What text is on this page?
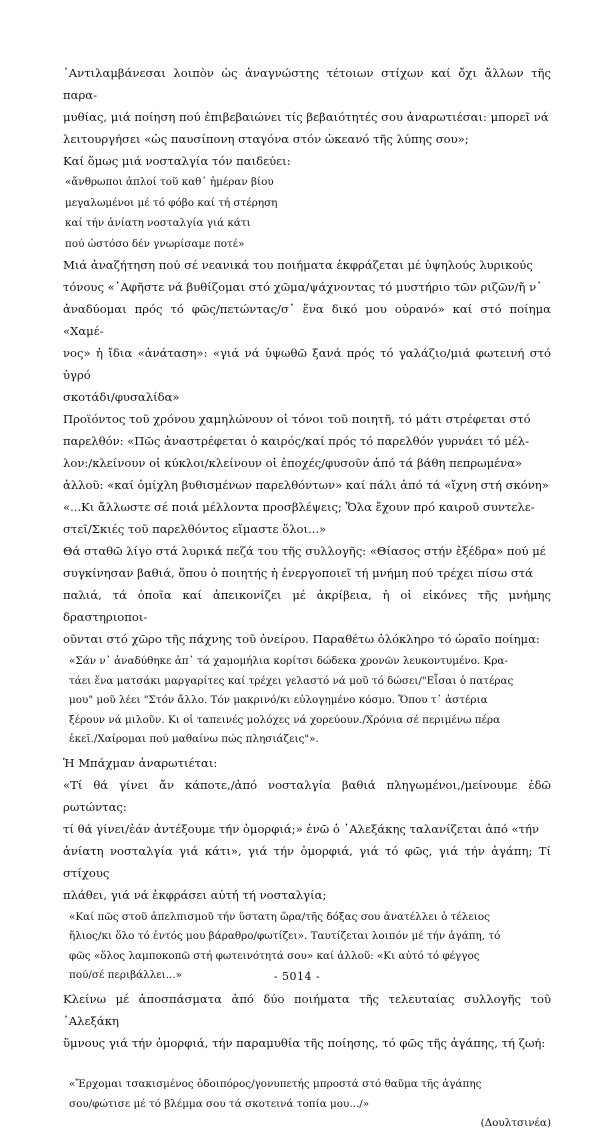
᾿Αντιλαμβάνεσαι λοιπὸν ὡς ἀναγνώστης τέτοιων στίχων καί ὄχι ἄλλων τῆς παρα-
μυθίας, μιά ποίηση πού ἐπιβεβαιώνει τίς βεβαιότητές σου ἀναρωτιέσαι: μπορεῖ νά
λειτουργήσει «ὡς παυσίπονη σταγόνα στόν ὠκεανό τῆς λύπης σου»;

Καί ὅμως μιά νοσταλγία τόν παιδεύει:

«ἄνθρωποι ἁπλοί τοῦ καθ᾿ ἡμέραν βίου
μεγαλωμένοι μέ τό φόβο καί τή στέρηση
καί τήν ἀνίατη νοσταλγία γιά κάτι
πού ὡστόσο δέν γνωρίσαμε ποτέ»

Μιά ἀναζήτηση πού σέ νεανικά του ποιήματα ἐκφράζεται μέ ὑψηλούς λυρικούς
τόνους «᾿Αφῆστε νά βυθίζομαι στό χῶμα/ψάχνοντας τό μυστήριο τῶν ριζῶν/ἤ ν᾿
ἀναδύομαι πρός τό φῶς/πετώντας/σ᾿ ἕνα δικό μου οὐρανό» καί στό ποίημα «Χαμέ-
νος» ἡ ἴδια «ἀνάταση»: «γιά νά ὑψωθῶ ξανά πρός τό γαλάζιο/μιά φωτεινή στό ὑγρό
σκοτάδι/φυσαλίδα»

Προϊόντος τοῦ χρόνου χαμηλώνουν οἱ τόνοι τοῦ ποιητῆ, τό μάτι στρέφεται στό
παρελθόν: «Πῶς ἀναστρέφεται ὁ καιρός/καί πρός τό παρελθόν γυρνάει τό μέλ-
λον:/κλείνουν οἱ κύκλοι/κλείνουν οἱ ἐποχές/φυσοῦν ἀπό τά βάθη πεπρωμένα»
ἀλλοῦ: «καί ὁμίχλη βυθισμένων παρελθόντων» καί πάλι ἀπό τά «ἴχνη στή σκόνη»
«...Κι ἄλλωστε σέ ποιά μέλλοντα προσβλέψεις; Ὅλα ἔχουν πρό καιροῦ συντελε-
στεῖ/Σκιές τοῦ παρελθόντος εἴμαστε ὅλοι...»

Θά σταθῶ λίγο στά λυρικά πεζά του τῆς συλλογῆς: «Θίασος στήν ἐξέδρα» πού μέ
συγκίνησαν βαθιά, ὅπου ὁ ποιητής ἡ ἐνεργοποιεῖ τή μνήμη πού τρέχει πίσω στά
παλιά, τά ὁποῖα καί ἀπεικονίζει μέ ἀκρίβεια, ἡ οἱ εἰκόνες τῆς μνήμης δραστηριοποι-
οῦνται στό χῶρο τῆς πάχνης τοῦ ὀνείρου. Παραθέτω ὁλόκληρο τό ὡραῖο ποίημα:

«Σάν ν᾿ ἀναδύθηκε ἀπ᾿ τά χαμομήλια κορίτσι δώδεκα χρονῶν λευκοντυμένο. Κρα-
τάει ἕνα ματσάκι μαργαρίτες καί τρέχει γελαστό νά μοῦ τό δώσει/"Εἶσαι ὁ πατέρας
μου" μοῦ λέει "Στόν ἄλλο. Τόν μακρινό/κι εὐλογημένο κόσμο. Ὅπου τ᾿ ἀστέρια
ξέρουν νά μιλοῦν. Κι οἱ ταπεινές μολόχες νά χορεύουν./Χρόνια σέ περιμένω πέρα
ἐκεῖ./Χαίρομαι πού μαθαίνω πώς πλησιάζεις"».

Ἡ Μπάχμαν ἀναρωτιέται:

«Τί θά γίνει ἄν κάποτε,/ἀπό νοσταλγία βαθιά πληγωμένοι,/μείνουμε ἐδῶ ρωτώντας:
τί θά γίνει/ἐάν ἀντέξουμε τήν ὀμορφιά;» ἐνῶ ὁ ᾿Αλεξάκης ταλανίζεται ἀπό «τήν
ἀνίατη νοσταλγία γιά κάτι», γιά τήν ὀμορφιά, γιά τό φῶς, γιά τήν ἀγάπη; Τί στίχους
πλάθει, γιά νά ἐκφράσει αὐτή τή νοσταλγία;

«Καί πῶς στοῦ ἀπελπισμοῦ τήν ὕστατη ὥρα/τῆς δόξας σου ἀνατέλλει ὁ τέλειος
ἥλιος/κι ὅλο τό ἐντός μου βάραθρο/φωτίζει». Ταυτίζεται λοιπόν μέ τήν ἀγάπη, τό
φῶς «ὅλος λαμποκοπῶ στή φωτεινότητά σου» καί ἀλλοῦ: «Κι αὐτό τό φέγγος
πού/σέ περιβάλλει...»

Κλείνω μέ ἀποσπάσματα ἀπό δύο ποιήματα τῆς τελευταίας συλλογῆς τοῦ ᾿Αλεξάκη
ὕμνους γιά τήν ὀμορφιά, τήν παραμυθία τῆς ποίησης, τό φῶς τῆς ἀγάπης, τή ζωή:

«Ἔρχομαι τσακισμένος ὁδοιπόρος/γονυπετής μπροστά στό θαῦμα τῆς ἀγάπης
σου/φώτισε μέ τό βλέμμα σου τά σκοτεινά τοπία μου.../»

(Δουλτσινέα)

- 5014 -
